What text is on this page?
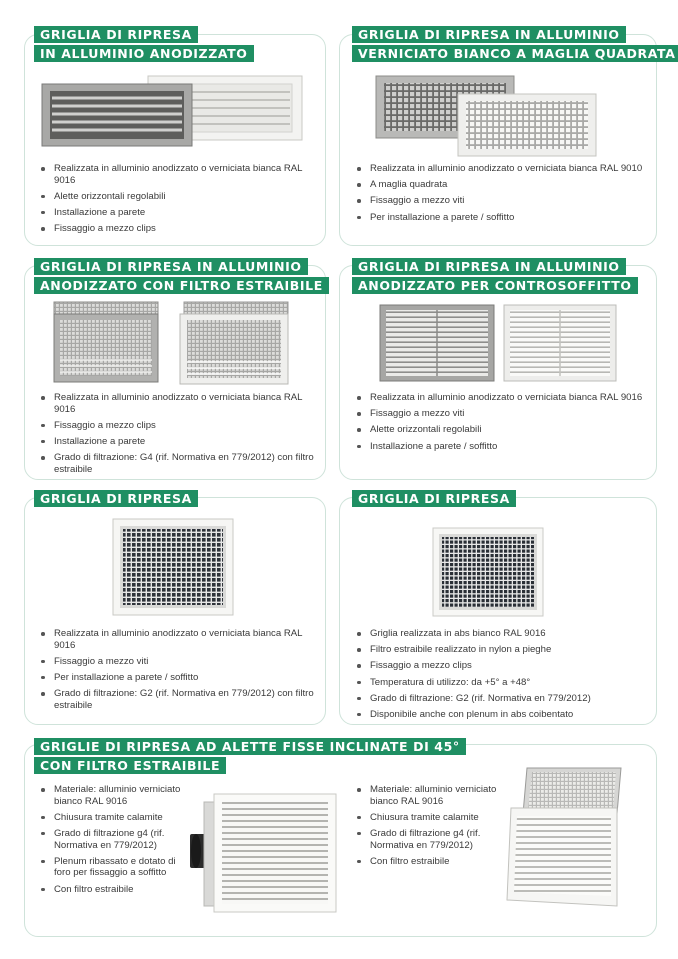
GRIGLIA DI RIPRESA
IN ALLUMINIO ANODIZZATO
Realizzata in alluminio anodizzato o verniciata bianca RAL 9016
Alette orizzontali regolabili
Installazione a parete
Fissaggio a mezzo clips
GRIGLIA DI RIPRESA IN ALLUMINIO
VERNICIATO BIANCO A MAGLIA QUADRATA
Realizzata in alluminio anodizzato o verniciata bianca RAL 9010
A maglia quadrata
Fissaggio a mezzo viti
Per installazione a parete / soffitto
GRIGLIA DI RIPRESA IN ALLUMINIO
ANODIZZATO CON FILTRO ESTRAIBILE
Realizzata in alluminio anodizzato o verniciata bianca RAL 9016
Fissaggio a mezzo clips
Installazione a parete
Grado di filtrazione: G4 (rif. Normativa en 779/2012) con filtro estraibile
GRIGLIA DI RIPRESA IN ALLUMINIO
ANODIZZATO PER CONTROSOFFITTO
Realizzata in alluminio anodizzato o verniciata bianca RAL 9016
Fissaggio a mezzo viti
Alette orizzontali regolabili
Installazione a parete / soffitto
GRIGLIA DI RIPRESA
Realizzata in alluminio anodizzato o verniciata bianca RAL 9016
Fissaggio a mezzo viti
Per installazione a parete / soffitto
Grado di filtrazione: G2 (rif. Normativa en 779/2012) con filtro estraibile
GRIGLIA DI RIPRESA
Griglia realizzata in abs bianco RAL 9016
Filtro estraibile realizzato in nylon a pieghe
Fissaggio a mezzo clips
Temperatura di utilizzo: da +5° a +48°
Grado di filtrazione: G2 (rif. Normativa en 779/2012)
Disponibile anche con plenum in abs coibentato
GRIGLIE DI RIPRESA AD ALETTE FISSE INCLINATE DI 45°
CON FILTRO ESTRAIBILE
Materiale: alluminio verniciato bianco RAL 9016
Chiusura tramite calamite
Grado di filtrazione g4 (rif. Normativa en 779/2012)
Plenum ribassato e dotato di foro per fissaggio a soffitto
Con filtro estraibile
Materiale: alluminio verniciato bianco RAL 9016
Chiusura tramite calamite
Grado di filtrazione g4 (rif. Normativa en 779/2012)
Con filtro estraibile
